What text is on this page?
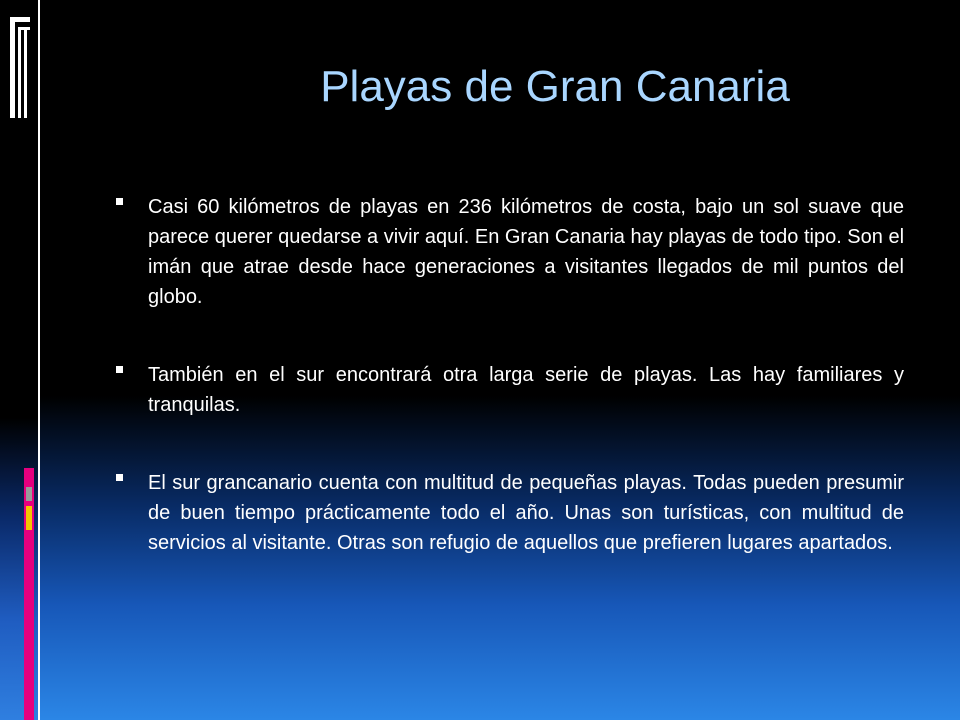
Playas de Gran Canaria
Casi 60 kilómetros de playas en 236 kilómetros de costa, bajo un sol suave que parece querer quedarse a vivir aquí. En Gran Canaria hay playas de todo tipo. Son el imán que atrae desde hace generaciones a visitantes llegados de mil puntos del globo.
También en el sur encontrará otra larga serie de playas. Las hay familiares y tranquilas.
El sur grancanario cuenta con multitud de pequeñas playas. Todas pueden presumir de buen tiempo prácticamente todo el año. Unas son turísticas, con multitud de servicios al visitante. Otras son refugio de aquellos que prefieren lugares apartados.
